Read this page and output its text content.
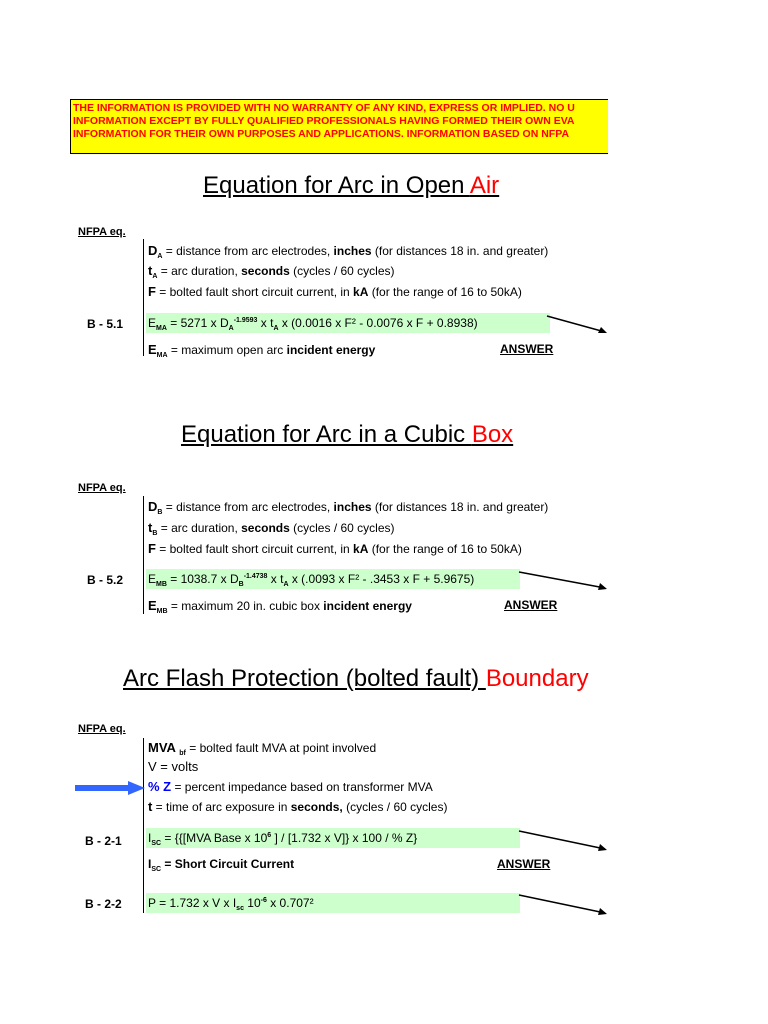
THE INFORMATION IS PROVIDED WITH NO WARRANTY OF ANY KIND, EXPRESS OR IMPLIED. NO U
INFORMATION EXCEPT BY FULLY QUALIFIED PROFESSIONALS HAVING FORMED THEIR OWN EVA
INFORMATION FOR THEIR OWN PURPOSES AND APPLICATIONS. INFORMATION BASED ON NFPA
Equation for Arc in Open Air
NFPA eq.
$D_A$ = distance from arc electrodes, inches (for distances 18 in. and greater)
$t_A$ = arc duration, seconds (cycles / 60 cycles)
F = bolted fault short circuit current, in kA (for the range of 16 to 50kA)
B - 5.1 $E_{MA} = 5271$ x $D_A^{-1.9593}$ x $t_A$ x (0.0016 x F² - 0.0076 x F + 0.8938)
$E_{MA}$ = maximum open arc incident energy	ANSWER
Equation for Arc in a Cubic Box
NFPA eq.
$D_B$ = distance from arc electrodes, inches (for distances 18 in. and greater)
$t_B$ = arc duration, seconds (cycles / 60 cycles)
F = bolted fault short circuit current, in kA (for the range of 16 to 50kA)
B - 5.2 $E_{MB} = 1038.7$ x $D_B^{-1.4738}$ x $t_A$ x (.0093 x F² - .3453 x F + 5.9675)
$E_{MB}$ = maximum 20 in. cubic box incident energy	ANSWER
Arc Flash Protection (bolted fault) Boundary
NFPA eq.
MVA $_{bf}$ = bolted fault MVA at point involved
V = volts
% Z = percent impedance based on transformer MVA
t = time of arc exposure in seconds, (cycles / 60 cycles)
B - 2-1 $I_{SC} = \{\{[MVA$ Base x $10^6$ ] / [1.732 x V]} x 100 / % Z}
$I_{SC}$ = Short Circuit Current	ANSWER
B - 2-2 P = 1.732 x V x $I_{sc}$ $10^{-6}$ x 0.707²
